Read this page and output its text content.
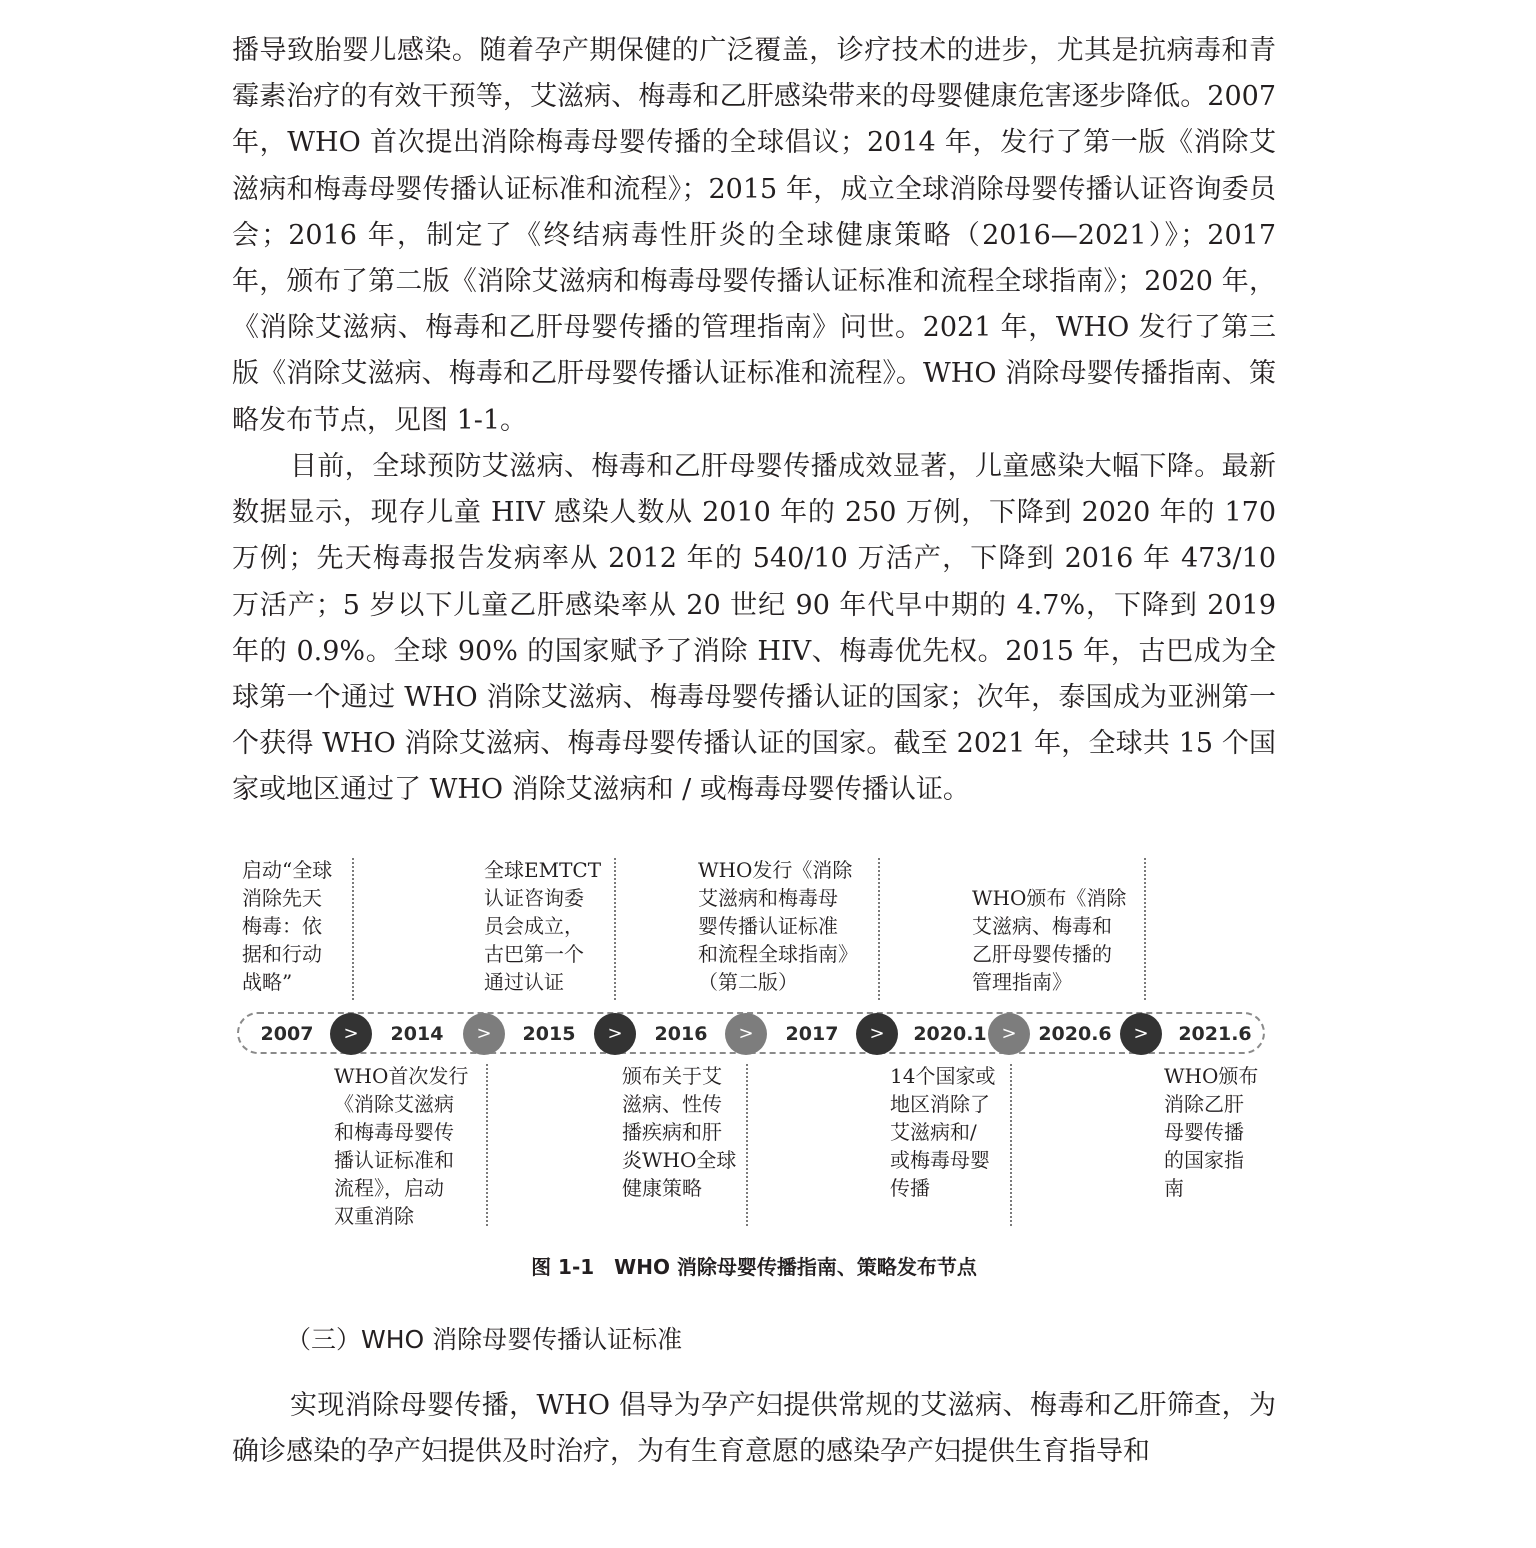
播导致胎婴儿感染。随着孕产期保健的广泛覆盖，诊疗技术的进步，尤其是抗病毒和青霉素治疗的有效干预等，艾滋病、梅毒和乙肝感染带来的母婴健康危害逐步降低。2007 年，WHO 首次提出消除梅毒母婴传播的全球倡议；2014 年，发行了第一版《消除艾滋病和梅毒母婴传播认证标准和流程》；2015 年，成立全球消除母婴传播认证咨询委员会；2016 年，制定了《终结病毒性肝炎的全球健康策略（2016—2021）》；2017 年，颁布了第二版《消除艾滋病和梅毒母婴传播认证标准和流程全球指南》；2020 年，《消除艾滋病、梅毒和乙肝母婴传播的管理指南》问世。2021 年，WHO 发行了第三版《消除艾滋病、梅毒和乙肝母婴传播认证标准和流程》。WHO 消除母婴传播指南、策略发布节点，见图 1-1。

目前，全球预防艾滋病、梅毒和乙肝母婴传播成效显著，儿童感染大幅下降。最新数据显示，现存儿童 HIV 感染人数从 2010 年的 250 万例，下降到 2020 年的 170 万例；先天梅毒报告发病率从 2012 年的 540/10 万活产，下降到 2016 年 473/10 万活产；5 岁以下儿童乙肝感染率从 20 世纪 90 年代早中期的 4.7%，下降到 2019 年的 0.9%。全球 90% 的国家赋予了消除 HIV、梅毒优先权。2015 年，古巴成为全球第一个通过 WHO 消除艾滋病、梅毒母婴传播认证的国家；次年，泰国成为亚洲第一个获得 WHO 消除艾滋病、梅毒母婴传播认证的国家。截至 2021 年，全球共 15 个国家或地区通过了 WHO 消除艾滋病和 / 或梅毒母婴传播认证。

启动“全球
消除先天
梅毒：依
据和行动
战略”
全球EMTCT
认证咨询委
员会成立，
古巴第一个
通过认证
WHO发行《消除
艾滋病和梅毒母
婴传播认证标准
和流程全球指南》
（第二版）
WHO颁布《消除
艾滋病、梅毒和
乙肝母婴传播的
管理指南》
2007	>	2014	>	2015	>	2016	>	2017	>	2020.1 >	2020.6	>	2021.6
WHO首次发行
《消除艾滋病
和梅毒母婴传
播认证标准和
流程》，启动
双重消除
颁布关于艾
滋病、性传
播疾病和肝
炎WHO全球
健康策略
14个国家或
地区消除了
艾滋病和/
或梅毒母婴
传播
WHO颁布
消除乙肝
母婴传播
的国家指
南
图 1-1　WHO 消除母婴传播指南、策略发布节点
（三）WHO 消除母婴传播认证标准

实现消除母婴传播，WHO 倡导为孕产妇提供常规的艾滋病、梅毒和乙肝筛查，为确诊感染的孕产妇提供及时治疗，为有生育意愿的感染孕产妇提供生育指导和
